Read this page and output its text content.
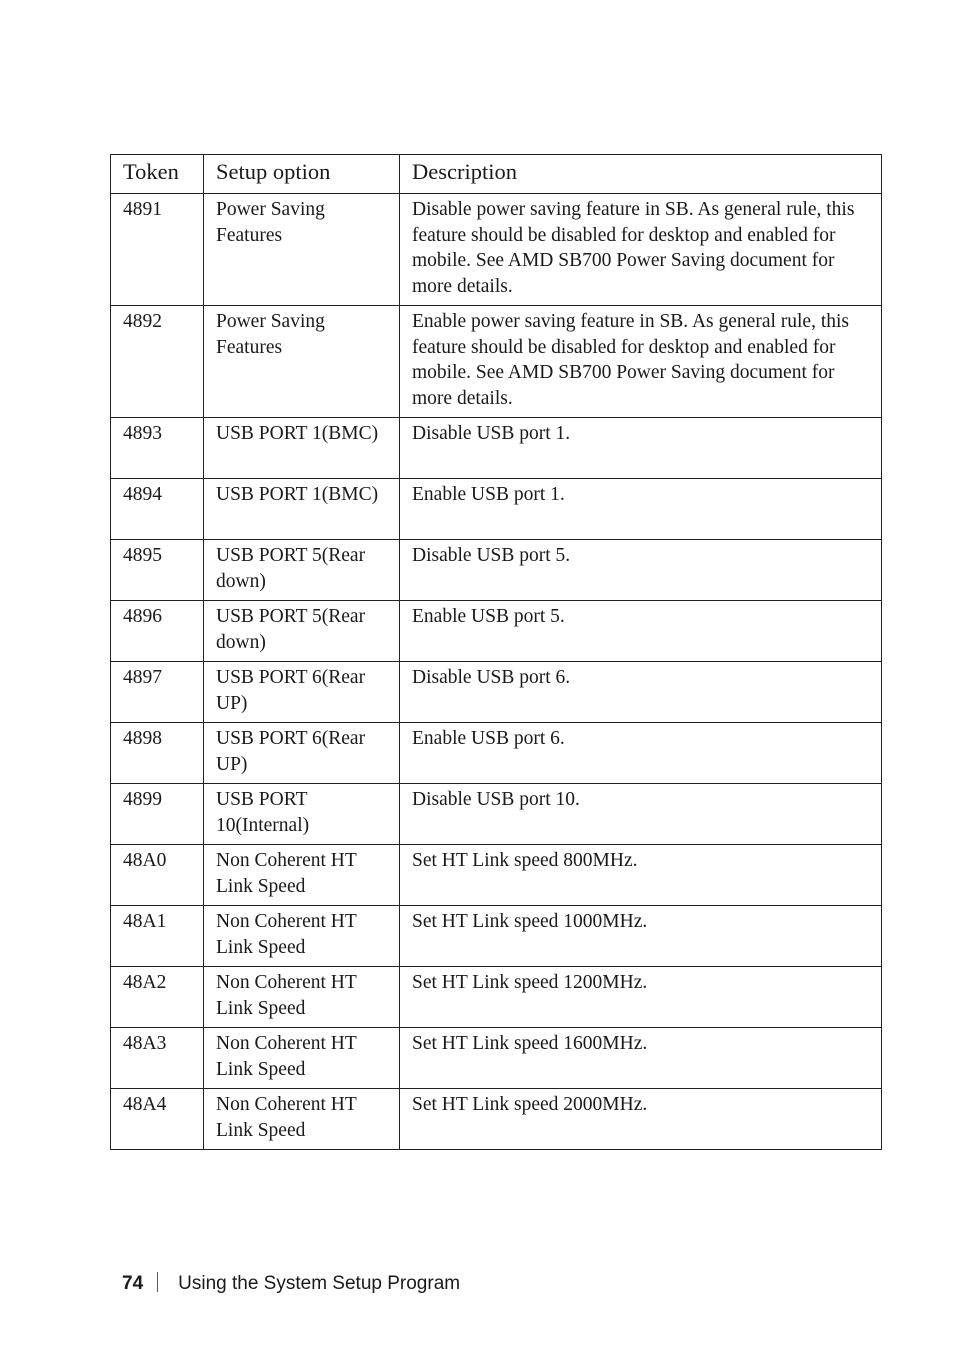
Token	Setup option	Description
4891	Power Saving Features	Disable power saving feature in SB. As general rule, this feature should be disabled for desktop and enabled for mobile. See AMD SB700 Power Saving document for more details.
4892	Power Saving Features	Enable power saving feature in SB. As general rule, this feature should be disabled for desktop and enabled for mobile. See AMD SB700 Power Saving document for more details.
4893	USB PORT 1(BMC)	Disable USB port 1.
4894	USB PORT 1(BMC)	Enable USB port 1.
4895	USB PORT 5(Rear down)	Disable USB port 5.
4896	USB PORT 5(Rear down)	Enable USB port 5.
4897	USB PORT 6(Rear UP)	Disable USB port 6.
4898	USB PORT 6(Rear UP)	Enable USB port 6.
4899	USB PORT 10(Internal)	Disable USB port 10.
48A0	Non Coherent HT Link Speed	Set HT Link speed 800MHz.
48A1	Non Coherent HT Link Speed	Set HT Link speed 1000MHz.
48A2	Non Coherent HT Link Speed	Set HT Link speed 1200MHz.
48A3	Non Coherent HT Link Speed	Set HT Link speed 1600MHz.
48A4	Non Coherent HT Link Speed	Set HT Link speed 2000MHz.
74 Using the System Setup Program
